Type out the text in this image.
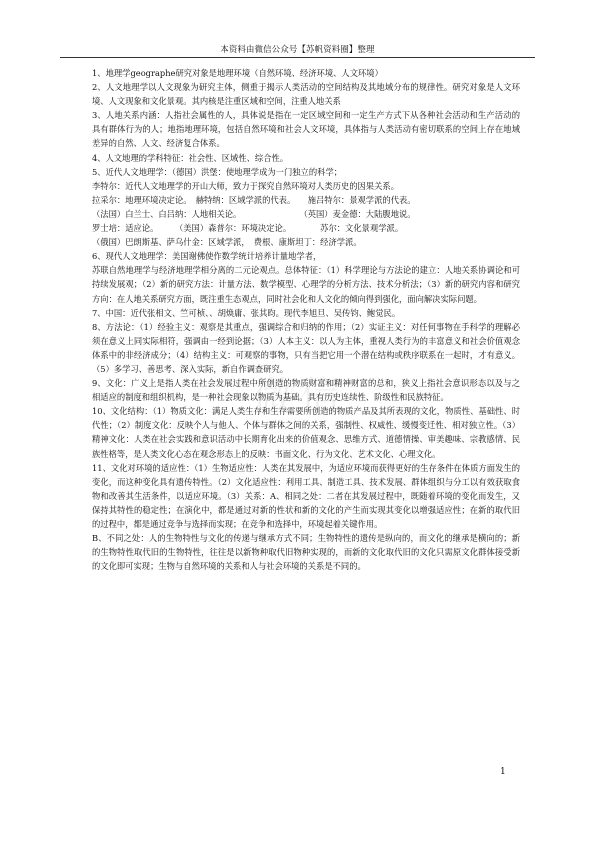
本资料由微信公众号【苏帆资料圈】整理
微信

1、地理学geographe研究对象是地理环境（自然环境、经济环境、人文环境）

2、人文地理学以人文现象为研究主体，侧重于揭示人类活动的空间结构及其地域分布的规律性。研究对象是人文环境、人文现象和文化景观。其内核是注重区域和空间，注重人地关系

3、人地关系内涵：人指社会属性的人，具体说是指在一定区域空间和一定生产方式下从各种社会活动和生产活动的具有群体行为的人；地指地理环境，包括自然环境和社会人文环境，具体指与人类活动有密切联系的空间上存在地域差异的自然、人文、经济复合体系。

4、人文地理的学科特征：社会性、区域性、综合性。

5、近代人文地理学：（德国）洪堡：使地理学成为一门独立的科学；

李特尔：近代人文地理学的开山大师，致力于探究自然环境对人类历史的因果关系。

拉采尔：地理环境决定论。　赫特纳：区域学派的代表。　　施吕特尔：景观学派的代表。

（法国）白兰士、白吕纳：人地相关论。　　　　　　　　（英国）麦金德：大陆腹地说。

罗士培：适应论。　　　（美国）森普尔：环境决定论。　　　　苏尔：文化景观学派。

（俄国）巴朗斯基、萨乌什金：区域学派，　费根、康斯坦丁：经济学派。

6、现代人文地理学：美国谢佛使作数学统计培养计量地学者，

苏联自然地理学与经济地理学相分离的二元论观点。总体特征：（1）科学理论与方法论的建立：人地关系协调论和可持续发展观；（2）新的研究方法：计量方法、数学模型、心理学的分析方法、技术分析法；（3）新的研究内容和研究方向：在人地关系研究方面，既注重生态观点，同时社会化和人文化的倾向得到强化，面向解决实际问题。

7、中国：近代张相文、竺可桢、、胡焕庸、张其昀。现代李旭旦、吴传钧、鲍觉民。

8、方法论：（1）经验主义：观察是其重点，强调综合和归纳的作用；（2）实证主义：对任何事物在手科学的理解必须在意义上同实际相符，强调由一经到论据；（3）人本主义：以人为主体，重视人类行为的丰富意义和社会价值观念体系中的非经济成分；（4）结构主义：可观察的事物，只有当把它用一个潜在结构或秩序联系在一起时，才有意义。（5）多学习、善思考、深入实际，新自作调查研究。

9、文化：广义上是指人类在社会发展过程中所创造的物质财富和精神财富的总和，狭义上指社会意识形态以及与之相适应的制度和组织机构，是一种社会现象以物质为基础。具有历史连续性、阶级性和民族特征。

10、文化结构：（1）物质文化：满足人类生存和生存需要所创造的物质产品及其所表现的文化，物质性、基础性、时代性；（2）制度文化：反映个人与他人、个体与群体之间的关系，强制性、权威性、缓慢变迁性、相对独立性。（3）精神文化：人类在社会实践和意识活动中长期育化出来的价值观念、思维方式、道德情操、审美趣味、宗教感情、民族性格等，是人类文化心态在观念形态上的反映：书面文化、行为文化、艺术文化、心理文化。

11、文化对环境的适应性：（1）生物适应性：人类在其发展中，为适应环境而获得更好的生存条件在体质方面发生的变化，而这种变化具有遗传特性。（2）文化适应性：利用工具、制造工具、技术发展、群体组织与分工以有效获取食物和改善其生活条件，以适应环境。（3）关系：A、相同之处：二者在其发展过程中，既随着环境的变化而发生，又保持其特性的稳定性；在演化中，都是通过对新的性状和新的文化的产生而实现其变化以增强适应性；在新的取代旧的过程中，都是通过竞争与选择而实现；在竞争和选择中，环境起着关键作用。

B、不同之处：人的生物特性与文化的传递与继承方式不同；生物特性的遗传是纵向的，而文化的继承是横向的；新的生物特性取代旧的生物特性，往往是以新物种取代旧物种实现的，而新的文化取代旧的文化只需原文化群体接受新的文化即可实现；生物与自然环境的关系和人与社会环境的关系是不同的。

1
